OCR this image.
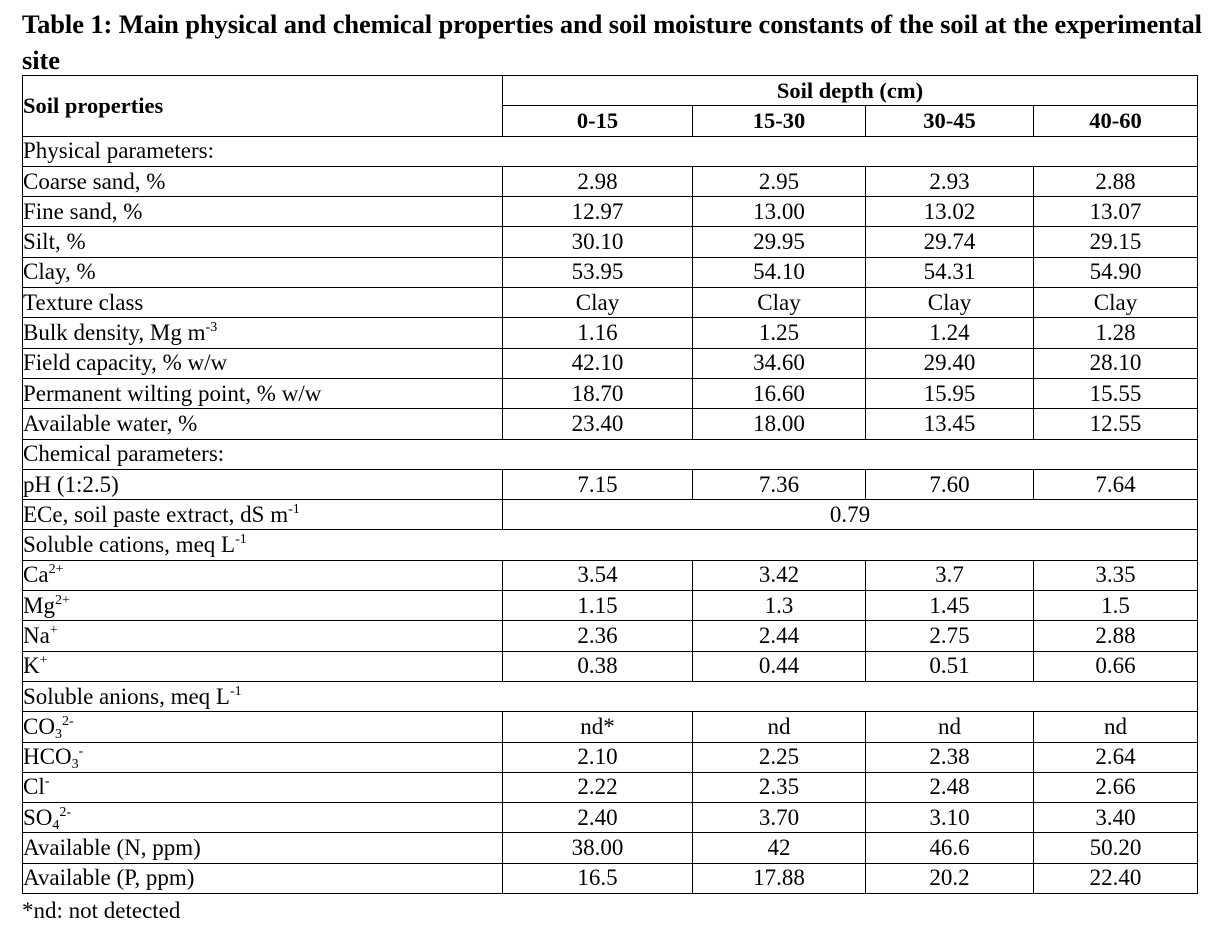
Table 1: Main physical and chemical properties and soil moisture constants of the soil at the experimental site
Soil properties	Soil depth (cm)			
	0-15	15-30	30-45	40-60
Physical parameters:				
Coarse sand, %	2.98	2.95	2.93	2.88
Fine sand, %	12.97	13.00	13.02	13.07
Silt, %	30.10	29.95	29.74	29.15
Clay, %	53.95	54.10	54.31	54.90
Texture class	Clay	Clay	Clay	Clay
Bulk density, Mg $m^{-3}$	1.16	1.25	1.24	1.28
Field capacity, % w/w	42.10	34.60	29.40	28.10
Permanent wilting point, % w/w	18.70	16.60	15.95	15.55
Available water, %	23.40	18.00	13.45	12.55
Chemical parameters:				
pH (1:2.5)	7.15	7.36	7.60	7.64
ECe, soil paste extract, dS $m^{-1}$	0.79			
Soluble cations, meq $L^{-1}$
$Ca^{2+}$	3.54	3.42	3.7	3.35
$Mg^{2+}$	1.15	1.3	1.45	1.5
Na+	2.36	2.44	2.75	2.88
K+	0.38	0.44	0.51	0.66
Soluble anions, meq $L^{-1}$
$CO_3^{2-}$	nd*	nd	nd	nd
$HCO_3^-$	2.10	2.25	2.38	2.64
Cl-	2.22	2.35	2.48	2.66
$SO_4^{2-}$	2.40	3.70	3.10	3.40
Available (N, ppm)	38.00	42	46.6	50.20
Available (P, ppm)	16.5	17.88	20.2	22.40
*nd: not detected
